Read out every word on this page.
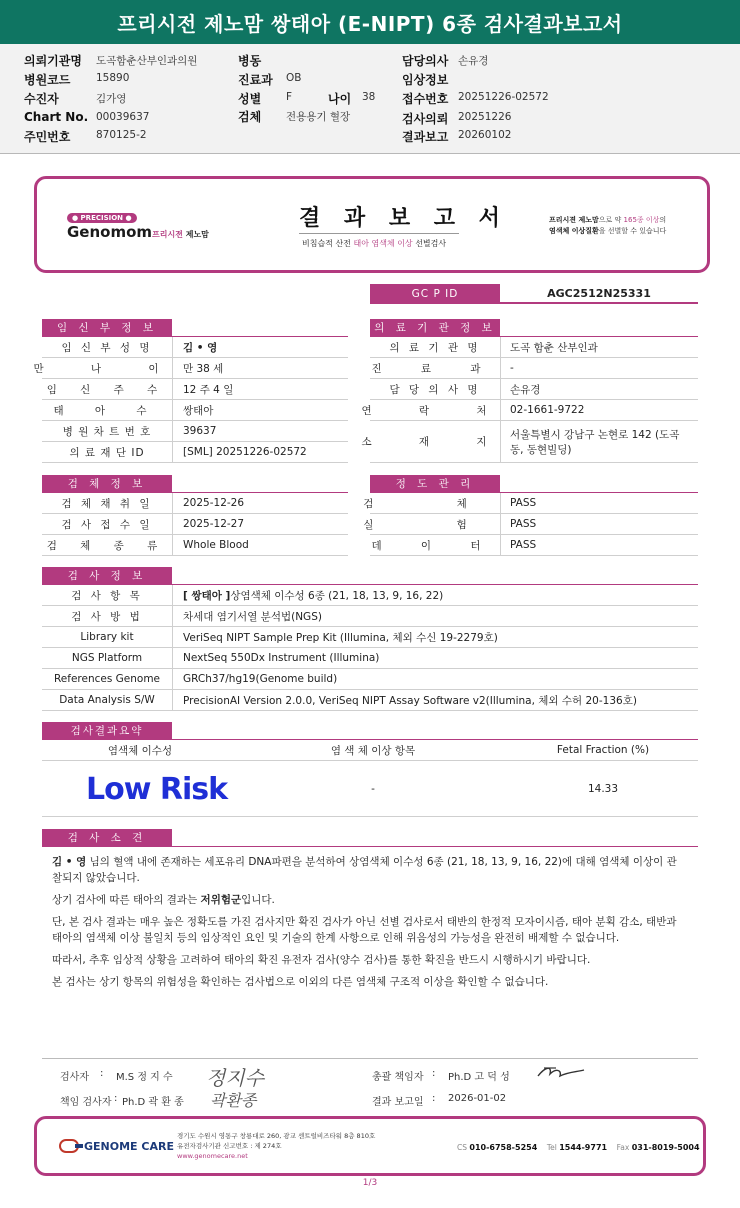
프리시전 제노맘 쌍태아 (E-NIPT) 6종 검사결과보고서
의뢰기관명 도곡함춘산부인과의원
병원코드 15890
수진자	김가영
Chart No. 00039637
주민번호 870125-2
병동
진료과 OB
성별 F
검체 전용용기 혈장
나이 38
담당의사 손유경
임상정보
접수번호 20251226-02572
검사의뢰 20251226
결과보고 20260102
● PRECISION ●
Genomom 프리시젼 제노맘
결 과 보 고 서
비침습적 산전 태아 염색체 이상 선별검사
프리시젼 제노맘으로 약 165종 이상의
염색체 이상질환을 선별할 수 있습니다
GC P ID	AGC2512N25331
임 신 부 정 보	의 료 기 관 정 보
임 신 부 성 명	김 • 영
만 나 이 만 38 세
임 신 주 수	12 주 4 일
태 아 수	쌍태아
병 원 차 트 번 호	39637
의 료 재 단 ID	[SML] 20251226-02572
의 료 기 관 명	도곡 함춘 산부인과
진 료 과 -
담 당 의 사 명	손유경
연 락 처 02-1661-9722
소 재 지
서울특별시 강남구 논현로 142 (도곡
동, 동현빌딩)
검 체 정 보	정 도 관 리
검 체 채 취 일	2025-12-26
검 사 접 수 일	2025-12-27
검 체 종 류	Whole Blood
검 체 PASS
실 험 PASS
데 이 터 PASS
검 사 정 보
검 사 항 목	[ 쌍태아 ] 상염색체 이수성 6종 (21, 18, 13, 9, 16, 22)
검 사 방 법	차세대 염기서열 분석법(NGS)
Library kit	VeriSeq NIPT Sample Prep Kit (Illumina, 체외 수신 19-2279호)
NGS Platform	NextSeq 550Dx Instrument (Illumina)
References Genome	GRCh37/hg19(Genome build)
Data Analysis S/W	PrecisionAI Version 2.0.0, VeriSeq NIPT Assay Software v2(Illumina, 체외 수허 20-136호)
검사결과요약
염색체 이수성	염 색 체 이상 항목	Fetal Fraction (%)
Low Risk	-	14.33
검 사 소 견
김 • 영 님의 혈액 내에 존재하는 세포유리 DNA파편을 분석하여 상염색체 이수성 6종 (21, 18, 13, 9, 16, 22)에 대해 염색체 이상이 관
찰되지 않았습니다.
상기 검사에 따른 태아의 결과는 저위험군입니다.
단, 본 검사 결과는 매우 높은 정확도를 가진 검사지만 확진 검사가 아닌 선별 검사로서 태반의 한정적 모자이시즘, 태아 분획 감소, 태반과
태아의 염색체 이상 불일치 등의 임상적인 요인 및 기술의 한계 사항으로 인해 위음성의 가능성을 완전히 배제할 수 없습니다.
따라서, 추후 임상적 상황을 고려하여 태아의 확진 유전자 검사(양수 검사)를 통한 확진을 반드시 시행하시기 바랍니다.
본 검사는 상기 항목의 위험성을 확인하는 검사법으로 이외의 다른 염색체 구조적 이상을 확인할 수 없습니다.
검사자 : M.S 정 지 수 정지수	총괄 책임자 : Ph.D 고 덕 성
책임 검사자 : Ph.D 곽 환 종 곽환종	결과 보고일 : 2026-01-02
GENOME CARE
경기도 수원시 영통구 창룡대로 260, 광교 센트럴비즈타워 8층 810호
유전자검사기관 신고번호 : 제 274호
www.genomecare.net
CS 010-6758-5254 Tel 1544-9771 Fax 031-8019-5004
1/3
